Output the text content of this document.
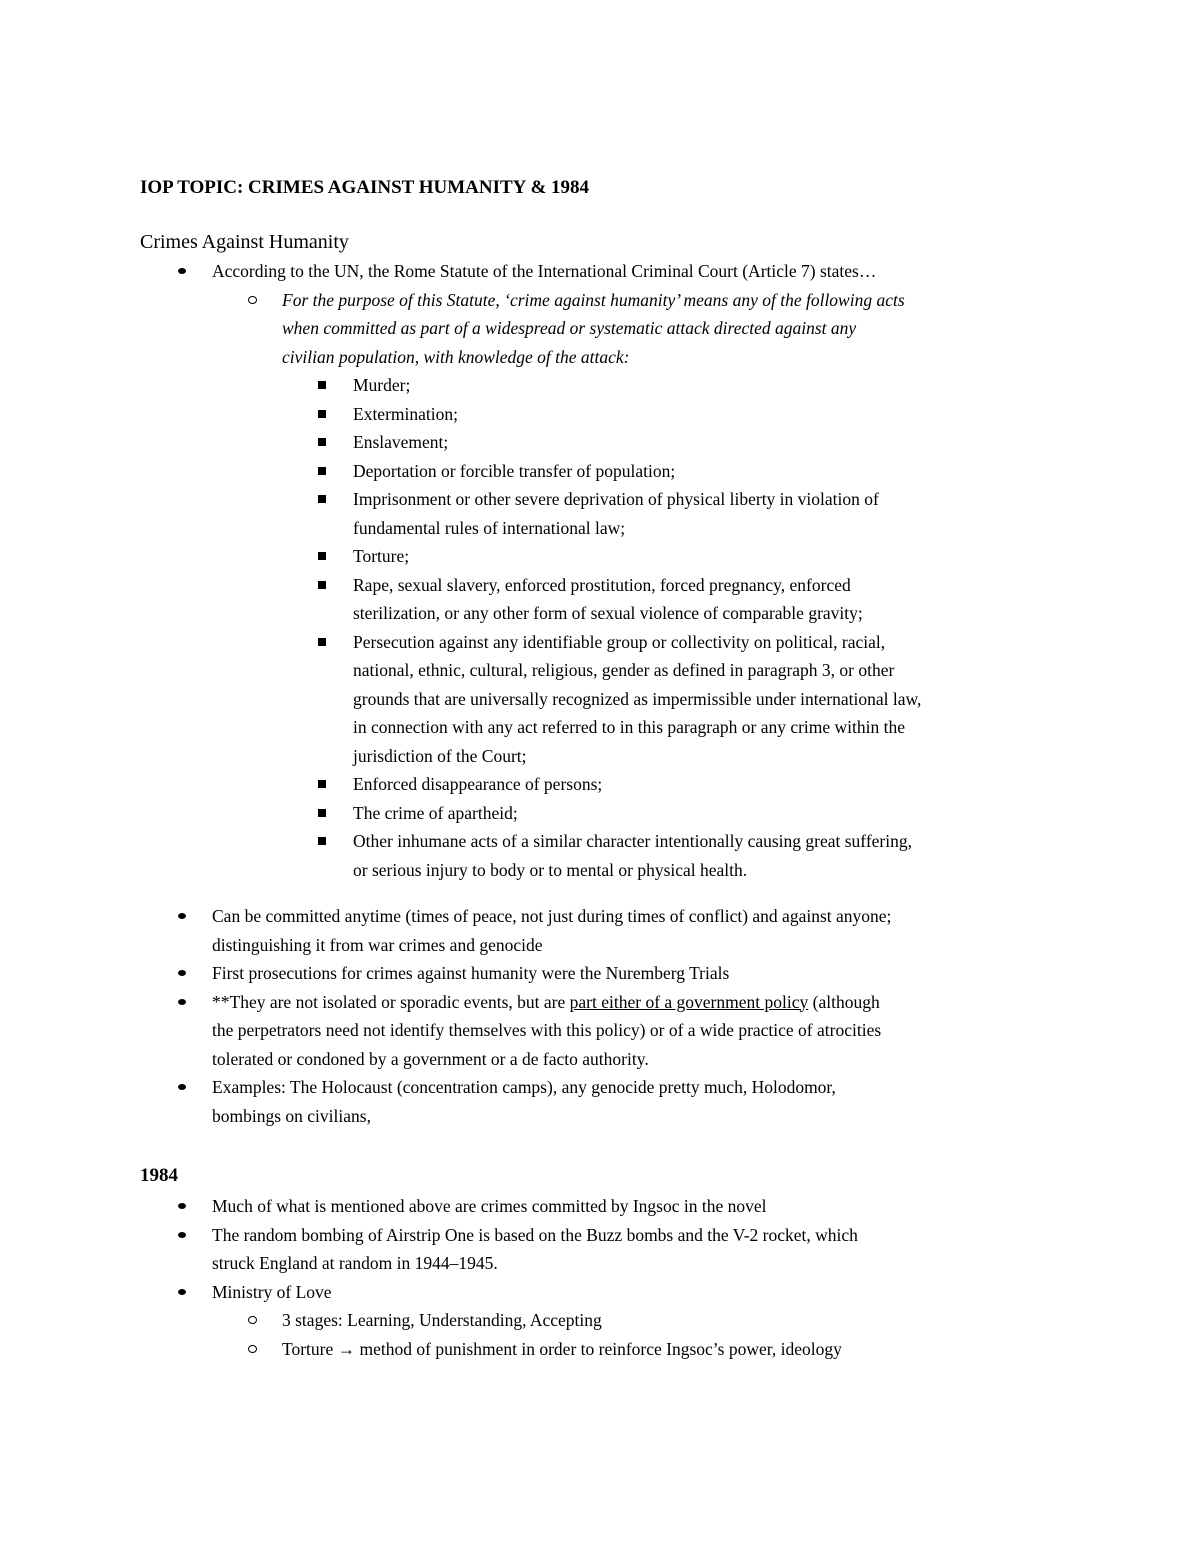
IOP TOPIC: CRIMES AGAINST HUMANITY & 1984
Crimes Against Humanity
According to the UN, the Rome Statute of the International Criminal Court (Article 7) states…
For the purpose of this Statute, ‘crime against humanity’ means any of the following acts
when committed as part of a widespread or systematic attack directed against any
civilian population, with knowledge of the attack:
Murder;
Extermination;
Enslavement;
Deportation or forcible transfer of population;
Imprisonment or other severe deprivation of physical liberty in violation of
fundamental rules of international law;
Torture;
Rape, sexual slavery, enforced prostitution, forced pregnancy, enforced
sterilization, or any other form of sexual violence of comparable gravity;
Persecution against any identifiable group or collectivity on political, racial,
national, ethnic, cultural, religious, gender as defined in paragraph 3, or other
grounds that are universally recognized as impermissible under international law,
in connection with any act referred to in this paragraph or any crime within the
jurisdiction of the Court;
Enforced disappearance of persons;
The crime of apartheid;
Other inhumane acts of a similar character intentionally causing great suffering,
or serious injury to body or to mental or physical health.
Can be committed anytime (times of peace, not just during times of conflict) and against anyone;
distinguishing it from war crimes and genocide
First prosecutions for crimes against humanity were the Nuremberg Trials
**They are not isolated or sporadic events, but are part either of a government policy (although
the perpetrators need not identify themselves with this policy) or of a wide practice of atrocities
tolerated or condoned by a government or a de facto authority.
Examples: The Holocaust (concentration camps), any genocide pretty much, Holodomor,
bombings on civilians,
1984
Much of what is mentioned above are crimes committed by Ingsoc in the novel
The random bombing of Airstrip One is based on the Buzz bombs and the V-2 rocket, which
struck England at random in 1944–1945.
Ministry of Love
3 stages: Learning, Understanding, Accepting
Torture → method of punishment in order to reinforce Ingsoc’s power, ideology
